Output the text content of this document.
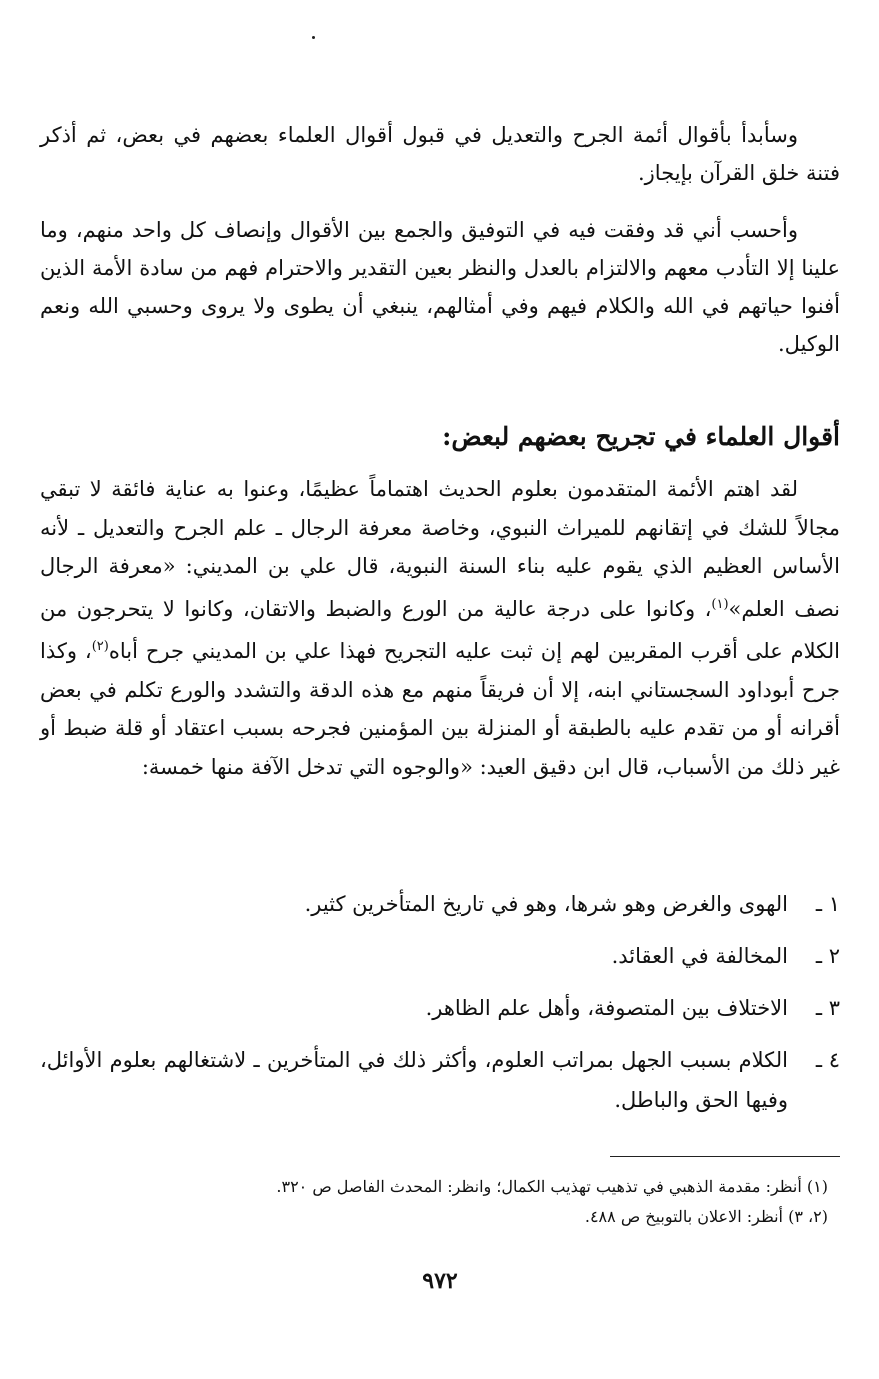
وسأبدأ بأقوال أئمة الجرح والتعديل في قبول أقوال العلماء بعضهم في بعض، ثم أذكر فتنة خلق القرآن بإيجاز.

وأحسب أني قد وفقت فيه في التوفيق والجمع بين الأقوال وإنصاف كل واحد منهم، وما علينا إلا التأدب معهم والالتزام بالعدل والنظر بعين التقدير والاحترام فهم من سادة الأمة الذين أفنوا حياتهم في الله والكلام فيهم وفي أمثالهم، ينبغي أن يطوى ولا يروى وحسبي الله ونعم الوكيل.

أقوال العلماء في تجريح بعضهم لبعض:

لقد اهتم الأئمة المتقدمون بعلوم الحديث اهتماماً عظيمًا، وعنوا به عناية فائقة لا تبقي مجالاً للشك في إتقانهم للميراث النبوي، وخاصة معرفة الرجال ـ علم الجرح والتعديل ـ لأنه الأساس العظيم الذي يقوم عليه بناء السنة النبوية، قال علي بن المديني: «معرفة الرجال نصف العلم»$^{(١)}$، وكانوا على درجة عالية من الورع والضبط والاتقان، وكانوا لا يتحرجون من الكلام على أقرب المقربين لهم إن ثبت عليه التجريح فهذا علي بن المديني جرح أباه$^{(٢)}$، وكذا جرح أبوداود السجستاني ابنه، إلا أن فريقاً منهم مع هذه الدقة والتشدد والورع تكلم في بعض أقرانه أو من تقدم عليه بالطبقة أو المنزلة بين المؤمنين فجرحه بسبب اعتقاد أو قلة ضبط أو غير ذلك من الأسباب، قال ابن دقيق العيد: «والوجوه التي تدخل الآفة منها خمسة:

١ ـ
الهوى والغرض وهو شرها، وهو في تاريخ المتأخرين كثير.
٢ ـ
المخالفة في العقائد.
٣ ـ
الاختلاف بين المتصوفة، وأهل علم الظاهر.
٤ ـ
الكلام بسبب الجهل بمراتب العلوم، وأكثر ذلك في المتأخرين ـ لاشتغالهم بعلوم الأوائل، وفيها الحق والباطل.
(١) أنظر: مقدمة الذهبي في تذهيب تهذيب الكمال؛ وانظر: المحدث الفاصل ص ٣٢٠.
(٢، ٣) أنظر: الاعلان بالتوبيخ ص ٤٨٨.
٩٧٢
